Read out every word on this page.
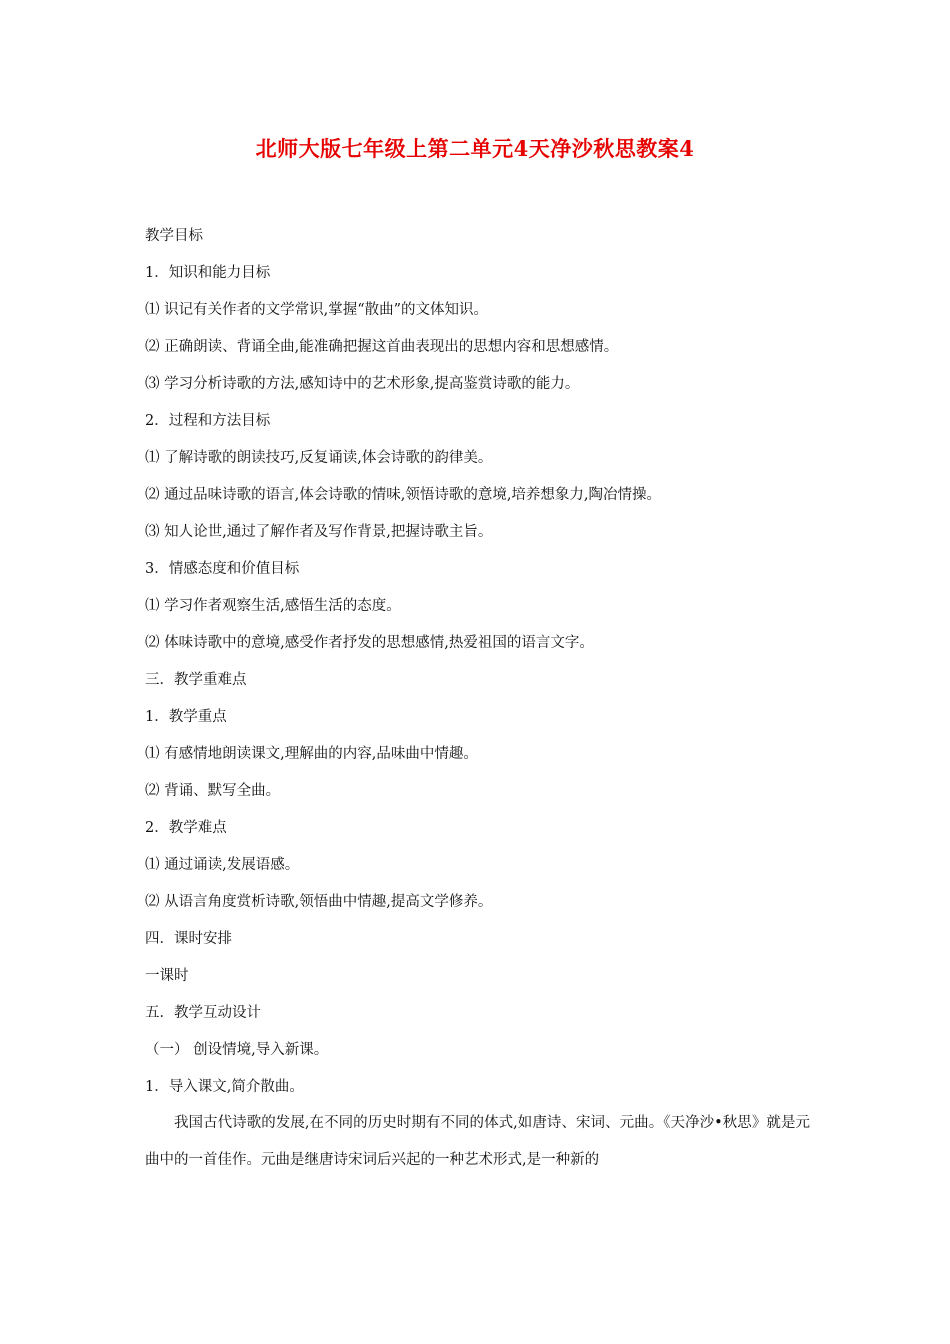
北师大版七年级上第二单元4天净沙秋思教案4
教学目标
1．知识和能力目标
⑴ 识记有关作者的文学常识,掌握“散曲”的文体知识。
⑵ 正确朗读、背诵全曲,能准确把握这首曲表现出的思想内容和思想感情。
⑶ 学习分析诗歌的方法,感知诗中的艺术形象,提高鉴赏诗歌的能力。
2．过程和方法目标
⑴ 了解诗歌的朗读技巧,反复诵读,体会诗歌的韵律美。
⑵ 通过品味诗歌的语言,体会诗歌的情味,领悟诗歌的意境,培养想象力,陶冶情操。
⑶ 知人论世,通过了解作者及写作背景,把握诗歌主旨。
3．情感态度和价值目标
⑴ 学习作者观察生活,感悟生活的态度。
⑵ 体味诗歌中的意境,感受作者抒发的思想感情,热爱祖国的语言文字。
三．教学重难点
1．教学重点
⑴ 有感情地朗读课文,理解曲的内容,品味曲中情趣。
⑵ 背诵、默写全曲。
2．教学难点
⑴ 通过诵读,发展语感。
⑵ 从语言角度赏析诗歌,领悟曲中情趣,提高文学修养。
四．课时安排
一课时
五．教学互动设计
（一） 创设情境,导入新课。
1．导入课文,简介散曲。
我国古代诗歌的发展,在不同的历史时期有不同的体式,如唐诗、宋词、元曲。《天净沙•秋思》就是元曲中的一首佳作。元曲是继唐诗宋词后兴起的一种艺术形式,是一种新的
